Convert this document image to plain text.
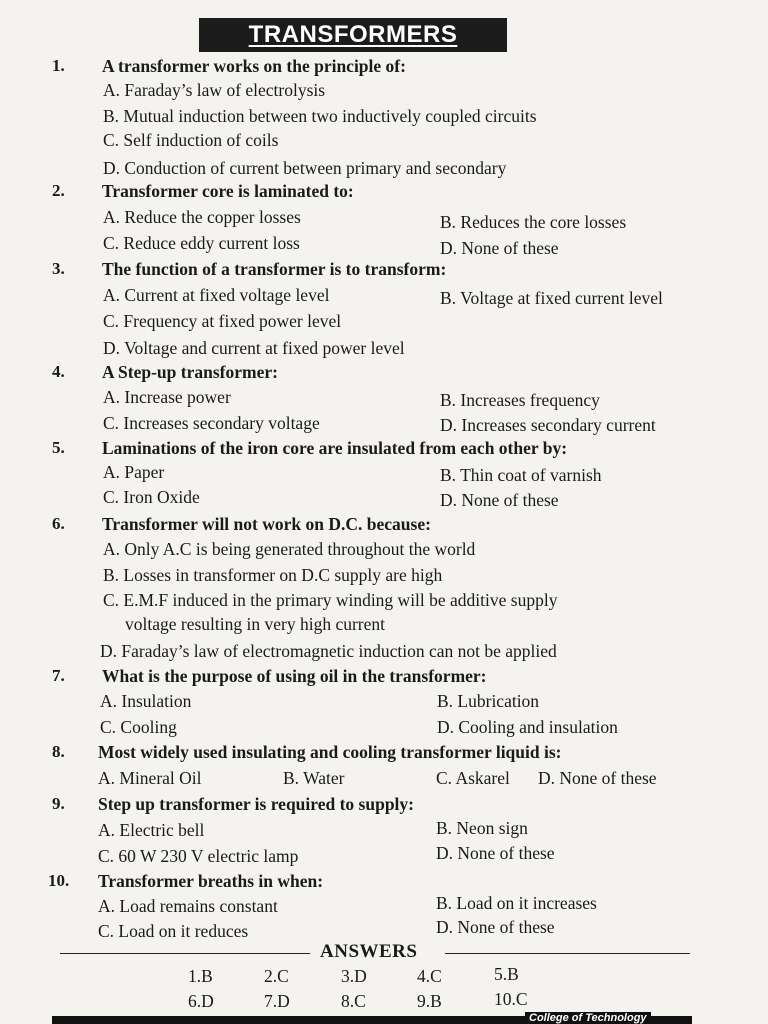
TRANSFORMERS
1. A transformer works on the principle of:
A. Faraday’s law of electrolysis
B. Mutual induction between two inductively coupled circuits
C. Self induction of coils
D. Conduction of current between primary and secondary
2. Transformer core is laminated to:
A. Reduce the copper losses	B. Reduces the core losses
C. Reduce eddy current loss	D. None of these
3. The function of a transformer is to transform:
A. Current at fixed voltage level	B. Voltage at fixed current level
C. Frequency at fixed power level
D. Voltage and current at fixed power level
4. A Step-up transformer:
A. Increase power	B. Increases frequency
C. Increases secondary voltage	D. Increases secondary current
5. Laminations of the iron core are insulated from each other by:
A. Paper	B. Thin coat of varnish
C. Iron Oxide	D. None of these
6. Transformer will not work on D.C. because:
A. Only A.C is being generated throughout the world
B. Losses in transformer on D.C supply are high
C. E.M.F induced in the primary winding will be additive supply
voltage resulting in very high current
D. Faraday’s law of electromagnetic induction can not be applied
7. What is the purpose of using oil in the transformer:
A. Insulation	B. Lubrication
C. Cooling	D. Cooling and insulation
8. Most widely used insulating and cooling transformer liquid is:
A. Mineral Oil	B. Water	C. Askarel D. None of these
9. Step up transformer is required to supply:
A. Electric bell	B. Neon sign
C. 60 W 230 V electric lamp	D. None of these
10. Transformer breaths in when:
A. Load remains constant	B. Load on it increases
C. Load on it reduces	D. None of these
ANSWERS
1.B	2.C	3.D	4.C	5.B
6.D	7.D	8.C	9.B	10.C
College of Technology
